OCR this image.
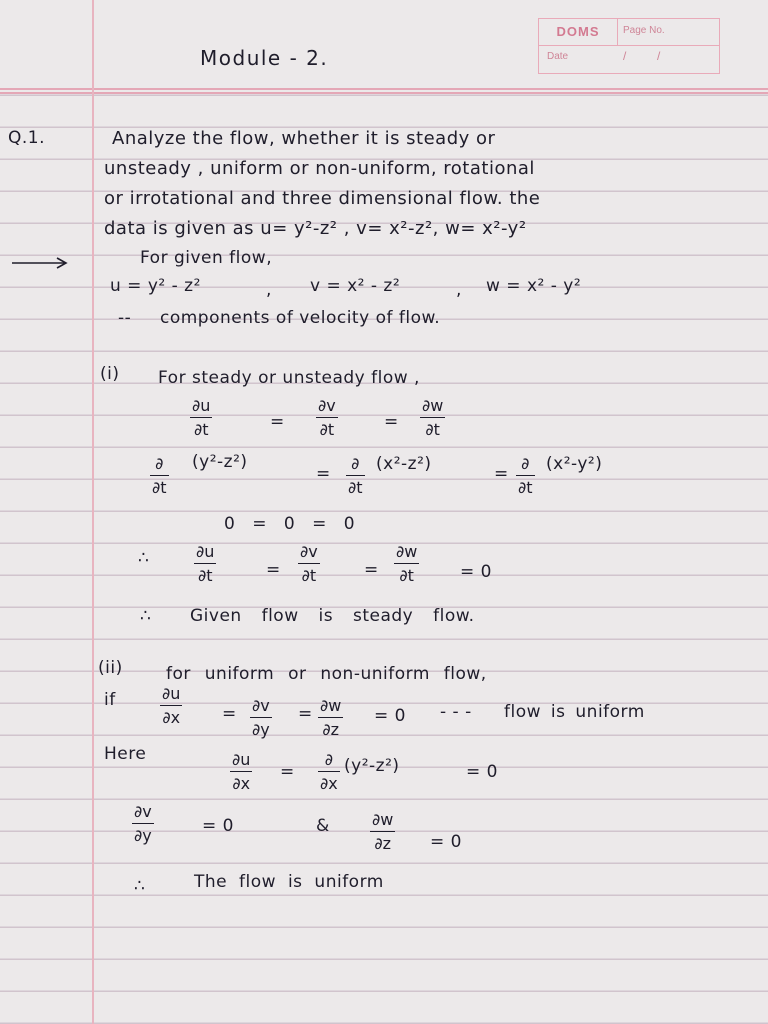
DOMS	Page No.
Date	/	/
Module - 2.
Q.1.	Analyze the flow, whether it is steady or
unsteady , uniform or non-uniform, rotational
or irrotational and three dimensional flow. the
data is given as u= y²-z² , v= x²-z², w= x²-y²
For given flow,
u = y² - z²	, v = x² - z²	, w = x² - y²
-- components of velocity of flow.
(i) For steady or unsteady flow ,
∂u
∂t	=
∂v
∂t	=
∂w
∂t
∂
∂t
(y²-z²)
=
∂
∂t
(x²-z²)	=
∂
∂t
(x²-y²)
0 = 0 = 0
∴	∂u
∂t	=
∂v
∂t	=
∂w
∂t	= 0
∴ Given flow is steady flow.
(ii)	for uniform or non-uniform flow,
if	∂u
∂x = ∂v
∂y
= ∂w
∂z
= 0 - - - flow is uniform
Here	∂u
∂x
=
∂
∂x
(y²-z²)	= 0
∂v
∂y	= 0	&	∂w
∂z = 0
∴	The flow is uniform
